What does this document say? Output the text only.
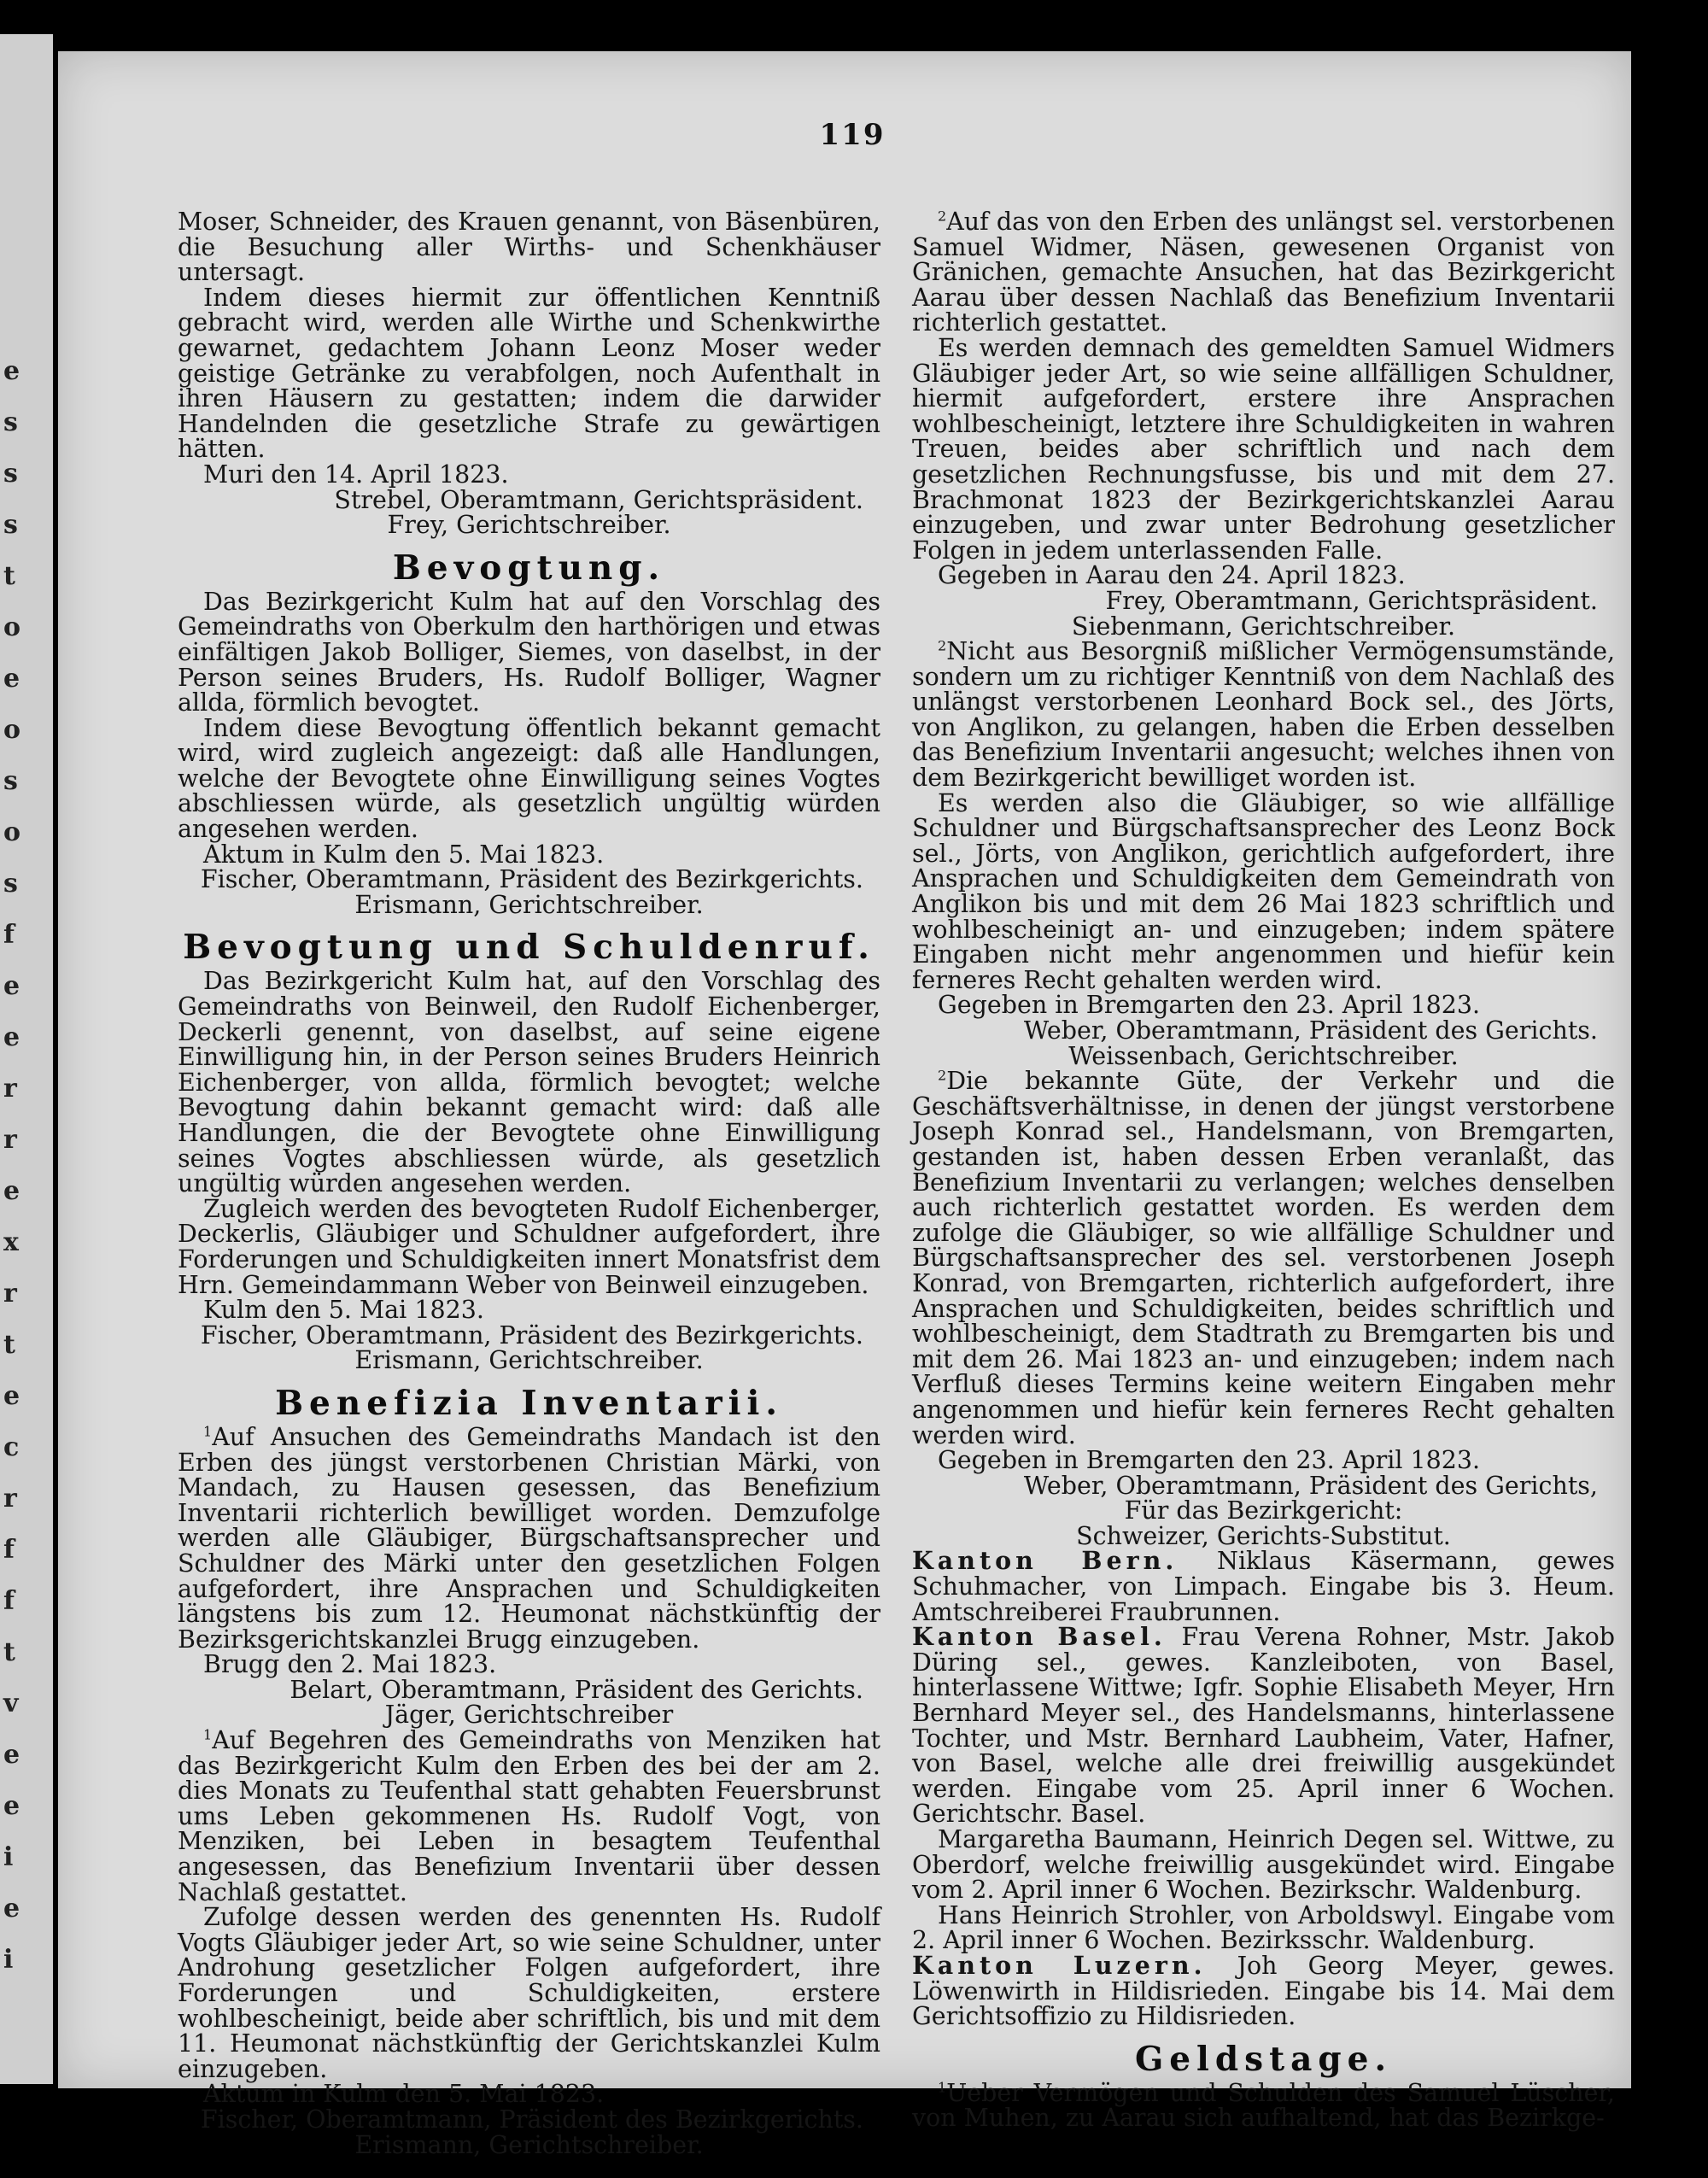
e
s
s
s
t
o
e
o
s
o
s
f
e
e
r
r
e
x
r
t
e
c
r
f
f
t
v
e
e
i
e
i
119

Moser, Schneider, des Krauen genannt, von Bäsenbüren, die Besuchung aller Wirths- und Schenkhäuser untersagt.

Indem dieses hiermit zur öffentlichen Kenntniß gebracht wird, werden alle Wirthe und Schenkwirthe gewarnet, gedachtem Johann Leonz Moser weder geistige Getränke zu verabfolgen, noch Aufenthalt in ihren Häusern zu gestatten; indem die darwider Handelnden die gesetzliche Strafe zu gewärtigen hätten.

Muri den 14. April 1823.

Strebel, Oberamtmann, Gerichtspräsident.

Frey, Gerichtschreiber.

Bevogtung.

Das Bezirkgericht Kulm hat auf den Vorschlag des Gemeindraths von Oberkulm den harthörigen und etwas einfältigen Jakob Bolliger, Siemes, von daselbst, in der Person seines Bruders, Hs. Rudolf Bolliger, Wagner allda, förmlich bevogtet.

Indem diese Bevogtung öffentlich bekannt gemacht wird, wird zugleich angezeigt: daß alle Handlungen, welche der Bevogtete ohne Einwilligung seines Vogtes abschliessen würde, als gesetzlich ungültig würden angesehen werden.

Aktum in Kulm den 5. Mai 1823.

Fischer, Oberamtmann, Präsident des Bezirkgerichts.

Erismann, Gerichtschreiber.

Bevogtung und Schuldenruf.

Das Bezirkgericht Kulm hat, auf den Vorschlag des Gemeindraths von Beinweil, den Rudolf Eichenberger, Deckerli genennt, von daselbst, auf seine eigene Einwilligung hin, in der Person seines Bruders Heinrich Eichenberger, von allda, förmlich bevogtet; welche Bevogtung dahin bekannt gemacht wird: daß alle Handlungen, die der Bevogtete ohne Einwilligung seines Vogtes abschliessen würde, als gesetzlich ungültig würden angesehen werden.

Zugleich werden des bevogteten Rudolf Eichenberger, Deckerlis, Gläubiger und Schuldner aufgefordert, ihre Forderungen und Schuldigkeiten innert Monatsfrist dem Hrn. Gemeindammann Weber von Beinweil einzugeben.

Kulm den 5. Mai 1823.

Fischer, Oberamtmann, Präsident des Bezirkgerichts.

Erismann, Gerichtschreiber.

Benefizia Inventarii.

$^1$Auf Ansuchen des Gemeindraths Mandach ist den Erben des jüngst verstorbenen Christian Märki, von Mandach, zu Hausen gesessen, das Benefizium Inventarii richterlich bewilliget worden. Demzufolge werden alle Gläubiger, Bürgschaftsansprecher und Schuldner des Märki unter den gesetzlichen Folgen aufgefordert, ihre Ansprachen und Schuldigkeiten längstens bis zum 12. Heumonat nächstkünftig der Bezirksgerichtskanzlei Brugg einzugeben.

Brugg den 2. Mai 1823.

Belart, Oberamtmann, Präsident des Gerichts.

Jäger, Gerichtschreiber

$^1$Auf Begehren des Gemeindraths von Menziken hat das Bezirkgericht Kulm den Erben des bei der am 2. dies Monats zu Teufenthal statt gehabten Feuersbrunst ums Leben gekommenen Hs. Rudolf Vogt, von Menziken, bei Leben in besagtem Teufenthal angesessen, das Benefizium Inventarii über dessen Nachlaß gestattet.

Zufolge dessen werden des genennten Hs. Rudolf Vogts Gläubiger jeder Art, so wie seine Schuldner, unter Androhung gesetzlicher Folgen aufgefordert, ihre Forderungen und Schuldigkeiten, erstere wohlbescheinigt, beide aber schriftlich, bis und mit dem 11. Heumonat nächstkünftig der Gerichtskanzlei Kulm einzugeben.

Aktum in Kulm den 5. Mai 1823.

Fischer, Oberamtmann, Präsident des Bezirkgerichts.

Erismann, Gerichtschreiber.

$^2$Auf das von den Erben des unlängst sel. verstorbenen Samuel Widmer, Näsen, gewesenen Organist von Gränichen, gemachte Ansuchen, hat das Bezirkgericht Aarau über dessen Nachlaß das Benefizium Inventarii richterlich gestattet.

Es werden demnach des gemeldten Samuel Widmers Gläubiger jeder Art, so wie seine allfälligen Schuldner, hiermit aufgefordert, erstere ihre Ansprachen wohlbescheinigt, letztere ihre Schuldigkeiten in wahren Treuen, beides aber schriftlich und nach dem gesetzlichen Rechnungsfusse, bis und mit dem 27. Brachmonat 1823 der Bezirkgerichtskanzlei Aarau einzugeben, und zwar unter Bedrohung gesetzlicher Folgen in jedem unterlassenden Falle.

Gegeben in Aarau den 24. April 1823.

Frey, Oberamtmann, Gerichtspräsident.

Siebenmann, Gerichtschreiber.

$^2$Nicht aus Besorgniß mißlicher Vermögensumstände, sondern um zu richtiger Kenntniß von dem Nachlaß des unlängst verstorbenen Leonhard Bock sel., des Jörts, von Anglikon, zu gelangen, haben die Erben desselben das Benefizium Inventarii angesucht; welches ihnen von dem Bezirkgericht bewilliget worden ist.

Es werden also die Gläubiger, so wie allfällige Schuldner und Bürgschaftsansprecher des Leonz Bock sel., Jörts, von Anglikon, gerichtlich aufgefordert, ihre Ansprachen und Schuldigkeiten dem Gemeindrath von Anglikon bis und mit dem 26 Mai 1823 schriftlich und wohlbescheinigt an- und einzugeben; indem spätere Eingaben nicht mehr angenommen und hiefür kein ferneres Recht gehalten werden wird.

Gegeben in Bremgarten den 23. April 1823.

Weber, Oberamtmann, Präsident des Gerichts.

Weissenbach, Gerichtschreiber.

$^2$Die bekannte Güte, der Verkehr und die Geschäftsverhältnisse, in denen der jüngst verstorbene Joseph Konrad sel., Handelsmann, von Bremgarten, gestanden ist, haben dessen Erben veranlaßt, das Benefizium Inventarii zu verlangen; welches denselben auch richterlich gestattet worden. Es werden dem zufolge die Gläubiger, so wie allfällige Schuldner und Bürgschaftsansprecher des sel. verstorbenen Joseph Konrad, von Bremgarten, richterlich aufgefordert, ihre Ansprachen und Schuldigkeiten, beides schriftlich und wohlbescheinigt, dem Stadtrath zu Bremgarten bis und mit dem 26. Mai 1823 an- und einzugeben; indem nach Verfluß dieses Termins keine weitern Eingaben mehr angenommen und hiefür kein ferneres Recht gehalten werden wird.

Gegeben in Bremgarten den 23. April 1823.

Weber, Oberamtmann, Präsident des Gerichts,

Für das Bezirkgericht:

Schweizer, Gerichts-Substitut.

Kanton Bern. Niklaus Käsermann, gewes Schuhmacher, von Limpach. Eingabe bis 3. Heum. Amtschreiberei Fraubrunnen.

Kanton Basel. Frau Verena Rohner, Mstr. Jakob Düring sel., gewes. Kanzleiboten, von Basel, hinterlassene Wittwe; Igfr. Sophie Elisabeth Meyer, Hrn Bernhard Meyer sel., des Handelsmanns, hinterlassene Tochter, und Mstr. Bernhard Laubheim, Vater, Hafner, von Basel, welche alle drei freiwillig ausgekündet werden. Eingabe vom 25. April inner 6 Wochen. Gerichtschr. Basel.

Margaretha Baumann, Heinrich Degen sel. Wittwe, zu Oberdorf, welche freiwillig ausgekündet wird. Eingabe vom 2. April inner 6 Wochen. Bezirkschr. Waldenburg.

Hans Heinrich Strohler, von Arboldswyl. Eingabe vom 2. April inner 6 Wochen. Bezirksschr. Waldenburg.

Kanton Luzern. Joh Georg Meyer, gewes. Löwenwirth in Hildisrieden. Eingabe bis 14. Mai dem Gerichtsoffizio zu Hildisrieden.

Geldstage.

$^1$Ueber Vermögen und Schulden des Samuel Lüscher, von Muhen, zu Aarau sich aufhaltend, hat das Bezirkge-
